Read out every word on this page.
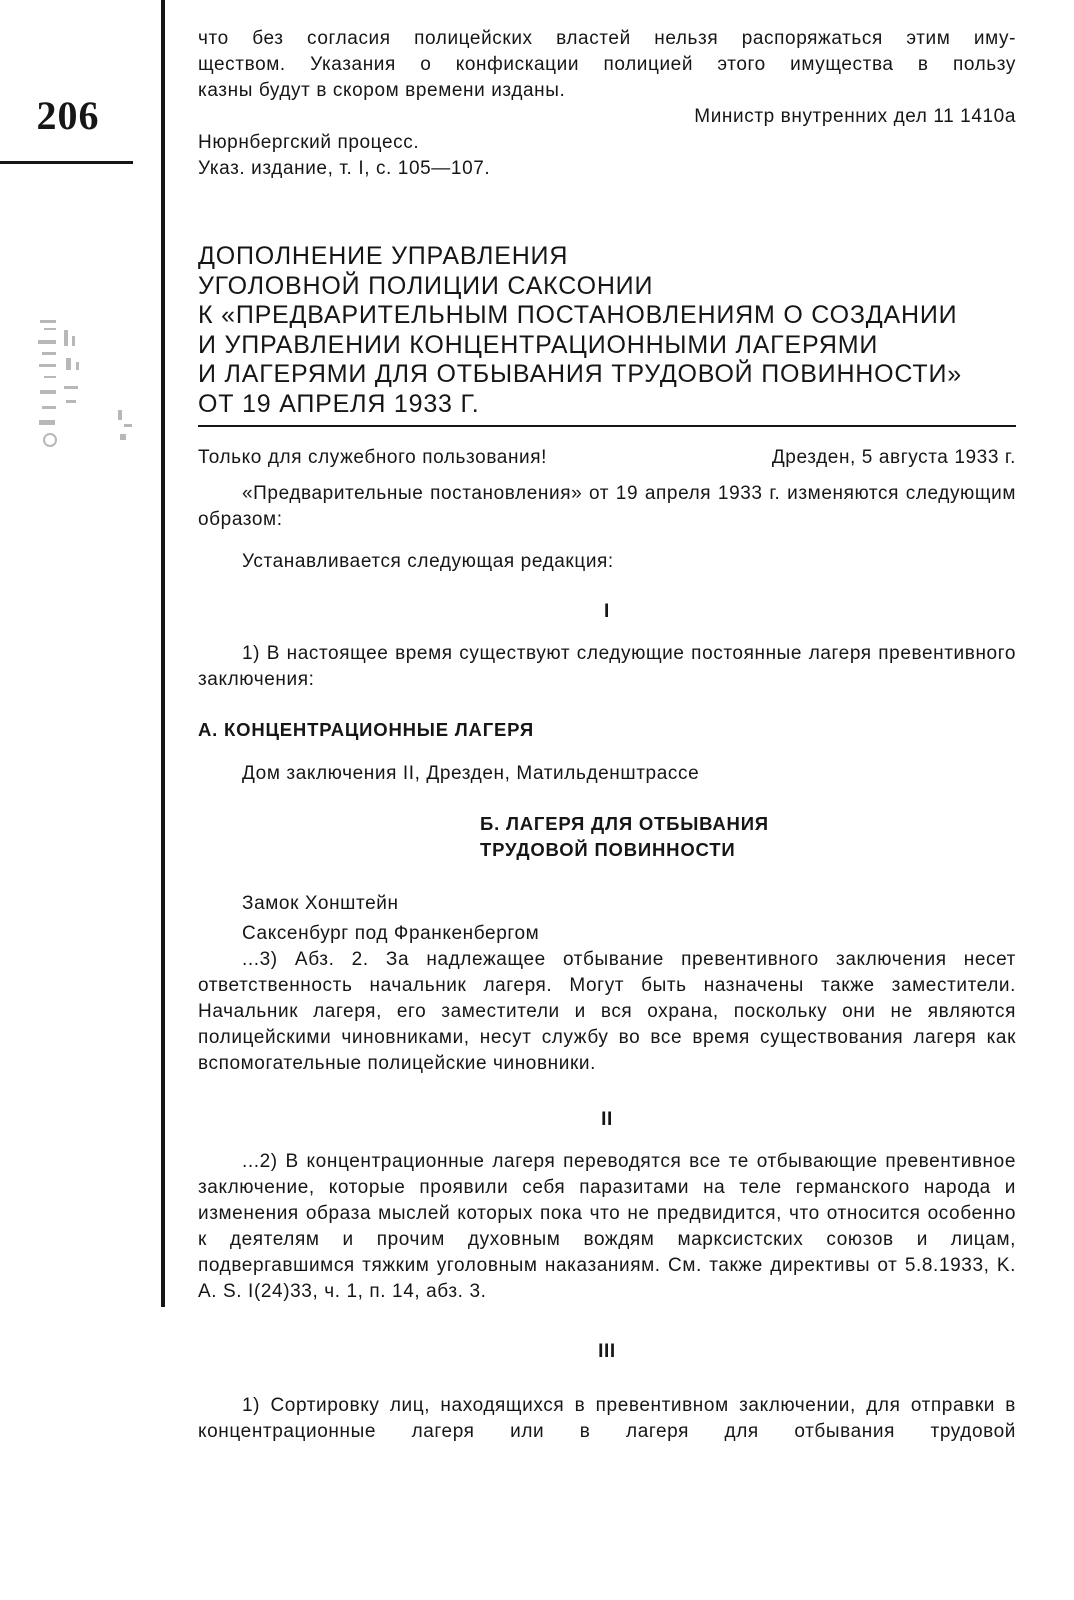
206

что без согласия полицейских властей нельзя распоряжаться этим иму-

ществом. Указания о конфискации полицией этого имущества в пользу

казны будут в скором времени изданы.

Министр внутренних дел 11 1410а

Нюрнбергский процесс.

Указ. издание, т. I, с. 105—107.

ДОПОЛНЕНИЕ УПРАВЛЕНИЯ
УГОЛОВНОЙ ПОЛИЦИИ САКСОНИИ
К «ПРЕДВАРИТЕЛЬНЫМ ПОСТАНОВЛЕНИЯМ О СОЗДАНИИ
И УПРАВЛЕНИИ КОНЦЕНТРАЦИОННЫМИ ЛАГЕРЯМИ
И ЛАГЕРЯМИ ДЛЯ ОТБЫВАНИЯ ТРУДОВОЙ ПОВИННОСТИ»
ОТ 19 АПРЕЛЯ 1933 Г.
Только для служебного пользования!	Дрезден, 5 августа 1933 г.

«Предварительные постановления» от 19 апреля 1933 г. изменяются следующим образом:

Устанавливается следующая редакция:

I

1) В настоящее время существуют следующие постоянные лагеря превентивного заключения:

А. КОНЦЕНТРАЦИОННЫЕ ЛАГЕРЯ

Дом заключения II, Дрезден, Матильденштрассе

Б. ЛАГЕРЯ ДЛЯ ОТБЫВАНИЯ
ТРУДОВОЙ ПОВИННОСТИ

Замок Хонштейн

Саксенбург под Франкенбергом

...3) Абз. 2. За надлежащее отбывание превентивного заключения несет ответственность начальник лагеря. Могут быть назначены также заместители. Начальник лагеря, его заместители и вся охрана, поскольку они не являются полицейскими чиновниками, несут службу во все время существования лагеря как вспомогательные полицейские чиновники.

II

...2) В концентрационные лагеря переводятся все те отбывающие превентивное заключение, которые проявили себя паразитами на теле германского народа и изменения образа мыслей которых пока что не предвидится, что относится особенно к деятелям и прочим духовным вождям марксистских союзов и лицам, подвергавшимся тяжким уголовным наказаниям. См. также директивы от 5.8.1933, K. A. S. I(24)33, ч. 1, п. 14, абз. 3.

III

1) Сортировку лиц, находящихся в превентивном заключении, для отправки в концентрационные лагеря или в лагеря для отбывания трудовой
